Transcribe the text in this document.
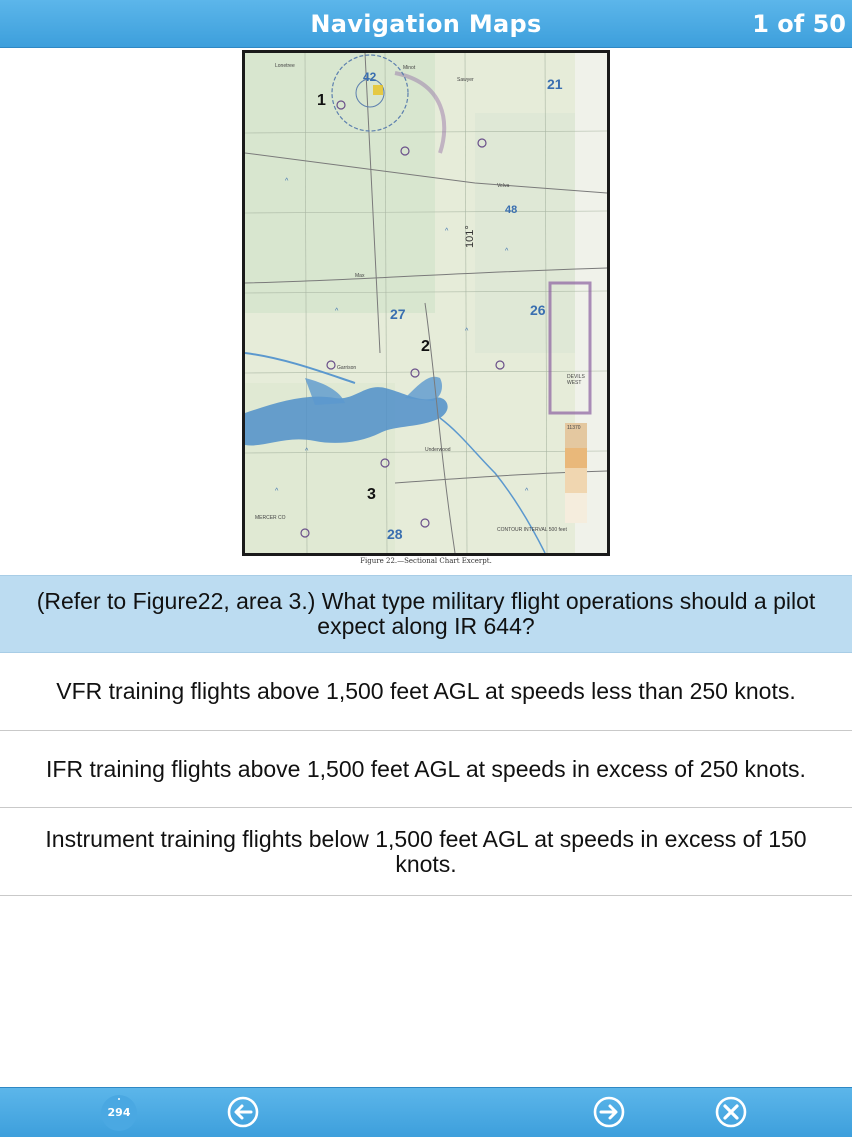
Navigation Maps	1 of 50
42	21
48
27	26
28
101°
1
2
3
Lonetree	Minot
Sawyer
Velva
Max
Garrison
Underwood
DEVILS
WEST
MERCER CO
CONTOUR INTERVAL 500 feet
11370
^
^
^
^
^
^
^
^
Figure 22.—Sectional Chart Excerpt.
(Refer to Figure22, area 3.) What type military flight operations should a pilot expect along IR 644?
VFR training flights above 1,500 feet AGL at speeds less than 250 knots.
IFR training flights above 1,500 feet AGL at speeds in excess of 250 knots.
Instrument training flights below 1,500 feet AGL at speeds in excess of 150 knots.
294
